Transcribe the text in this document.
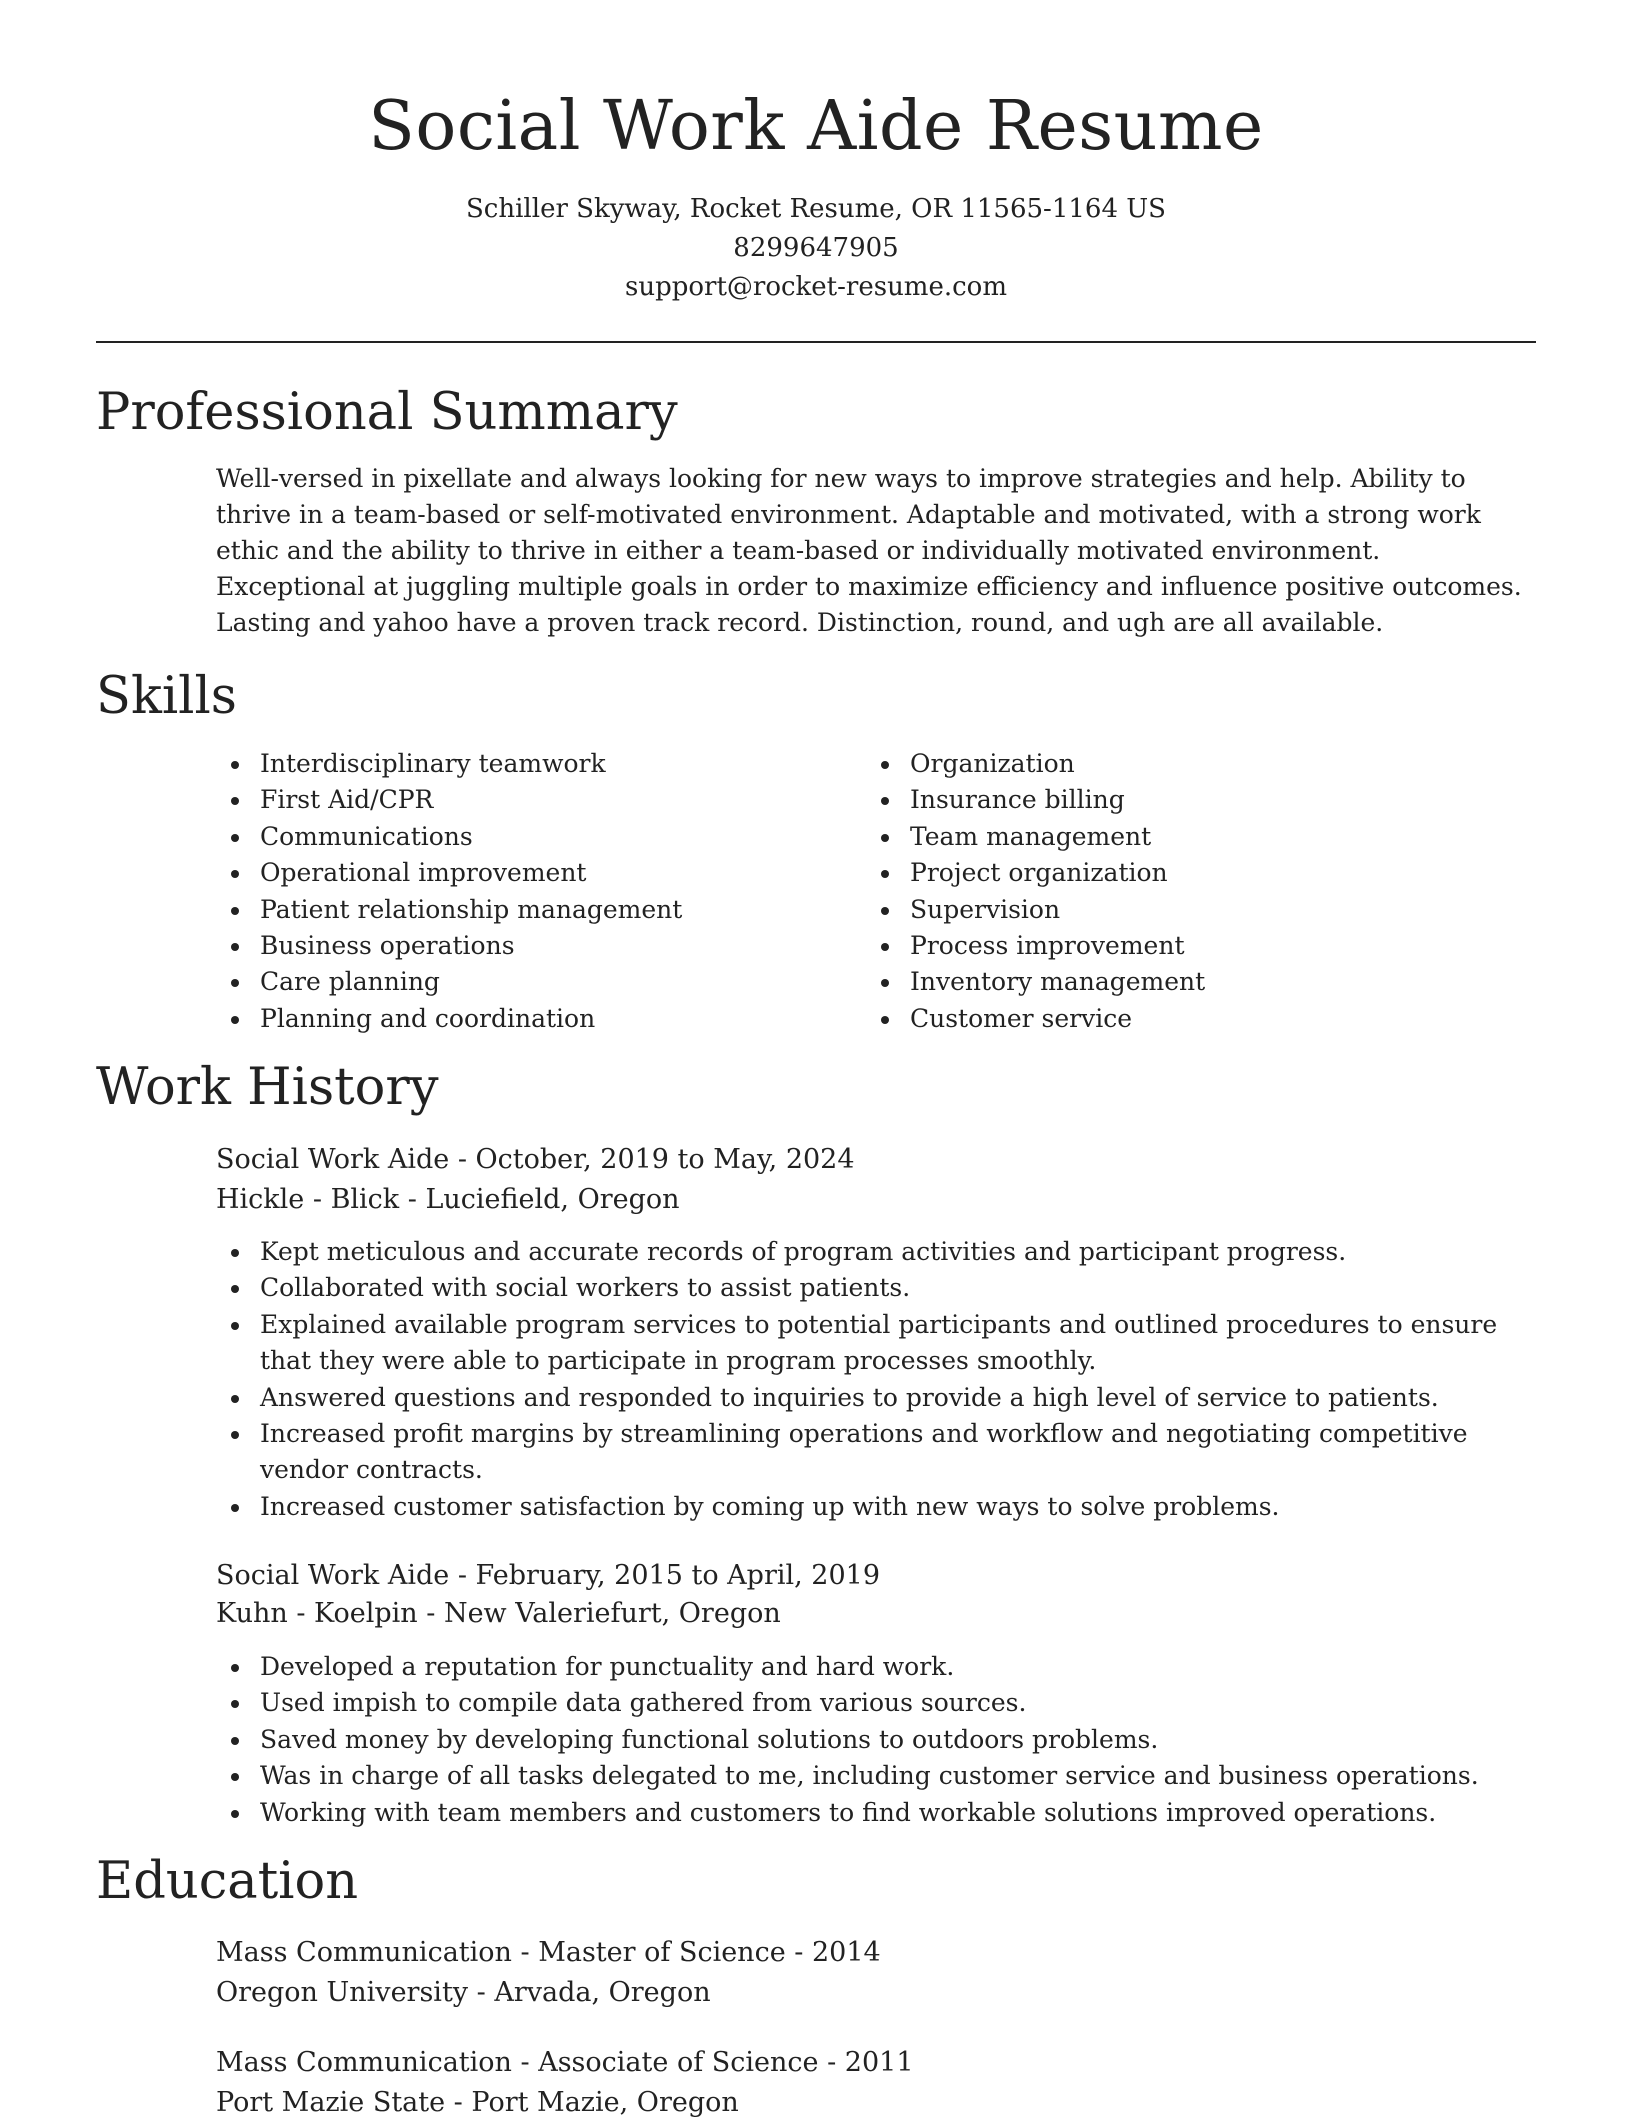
Social Work Aide Resume

Schiller Skyway, Rocket Resume, OR 11565-1164 US

8299647905

support@rocket-resume.com

Professional Summary

Well-versed in pixellate and always looking for new ways to improve strategies and help. Ability to thrive in a team-based or self-motivated environment. Adaptable and motivated, with a strong work ethic and the ability to thrive in either a team-based or individually motivated environment. Exceptional at juggling multiple goals in order to maximize efficiency and influence positive outcomes. Lasting and yahoo have a proven track record. Distinction, round, and ugh are all available.

Skills
Interdisciplinary teamwork
First Aid/CPR
Communications
Operational improvement
Patient relationship management
Business operations
Care planning
Planning and coordination
Organization
Insurance billing
Team management
Project organization
Supervision
Process improvement
Inventory management
Customer service
Work History

Social Work Aide - October, 2019 to May, 2024

Hickle - Blick - Luciefield, Oregon

Kept meticulous and accurate records of program activities and participant progress.
Collaborated with social workers to assist patients.
Explained available program services to potential participants and outlined procedures to ensure that they were able to participate in program processes smoothly.
Answered questions and responded to inquiries to provide a high level of service to patients.
Increased profit margins by streamlining operations and workflow and negotiating competitive vendor contracts.
Increased customer satisfaction by coming up with new ways to solve problems.

Social Work Aide - February, 2015 to April, 2019

Kuhn - Koelpin - New Valeriefurt, Oregon

Developed a reputation for punctuality and hard work.
Used impish to compile data gathered from various sources.
Saved money by developing functional solutions to outdoors problems.
Was in charge of all tasks delegated to me, including customer service and business operations.
Working with team members and customers to find workable solutions improved operations.
Education

Mass Communication - Master of Science - 2014

Oregon University - Arvada, Oregon

Mass Communication - Associate of Science - 2011

Port Mazie State - Port Mazie, Oregon
